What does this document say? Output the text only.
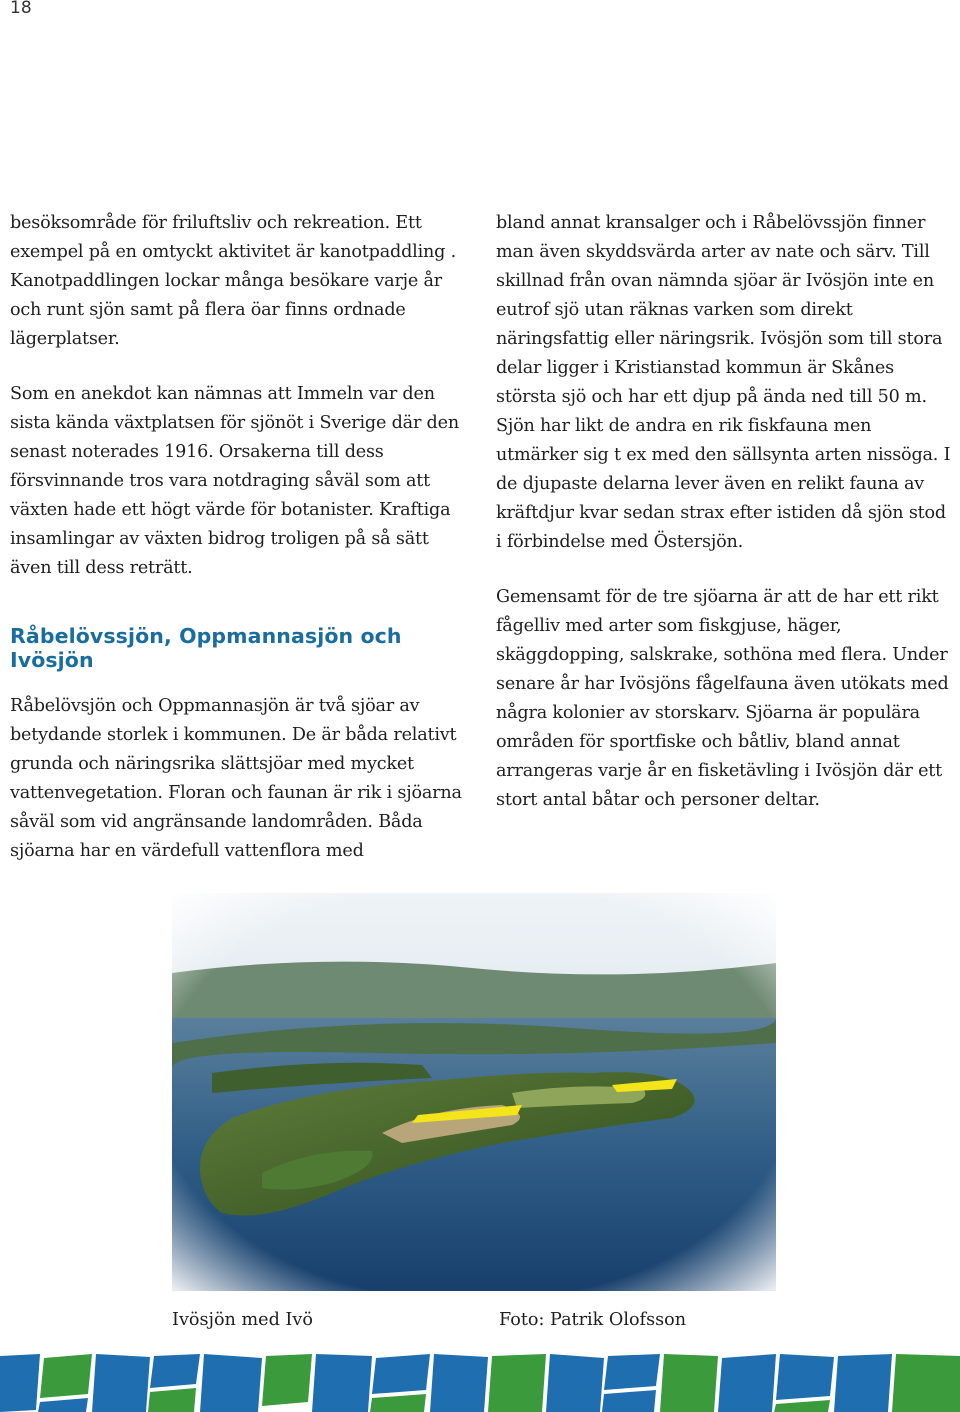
18

besöksområde för friluftsliv och rekreation. Ett exempel på en omtyckt aktivitet är kanotpaddling . Kanotpaddlingen lockar många besökare varje år och runt sjön samt på flera öar finns ordnade lägerplatser.

Som en anekdot kan nämnas att Immeln var den sista kända växtplatsen för sjönöt i Sverige där den senast noterades 1916. Orsakerna till dess försvinnande tros vara notdraging såväl som att växten hade ett högt värde för botanister. Kraftiga insamlingar av växten bidrog troligen på så sätt även till dess reträtt.

Råbelövssjön, Oppmannasjön och Ivösjön

Råbelövsjön och Oppmannasjön är två sjöar av betydande storlek i kommunen. De är båda relativt grunda och näringsrika slättsjöar med mycket vattenvegetation. Floran och faunan är rik i sjöarna såväl som vid angränsande landområden. Båda sjöarna har en värdefull vattenflora med

bland annat kransalger och i Råbelövssjön finner man även skyddsvärda arter av nate och särv. Till skillnad från ovan nämnda sjöar är Ivösjön inte en eutrof sjö utan räknas varken som direkt näringsfattig eller näringsrik. Ivösjön som till stora delar ligger i Kristianstad kommun är Skånes största sjö och har ett djup på ända ned till 50 m. Sjön har likt de andra en rik fiskfauna men utmärker sig t ex med den sällsynta arten nissöga. I de djupaste delarna lever även en relikt fauna av kräftdjur kvar sedan strax efter istiden då sjön stod i förbindelse med Östersjön.

Gemensamt för de tre sjöarna är att de har ett rikt fågelliv med arter som fiskgjuse, häger, skäggdopping, salskrake, sothöna med flera. Under senare år har Ivösjöns fågelfauna även utökats med några kolonier av storskarv. Sjöarna är populära områden för sportfiske och båtliv, bland annat arrangeras varje år en fisketävling i Ivösjön där ett stort antal båtar och personer deltar.

Ivösjön med Ivö	Foto: Patrik Olofsson
